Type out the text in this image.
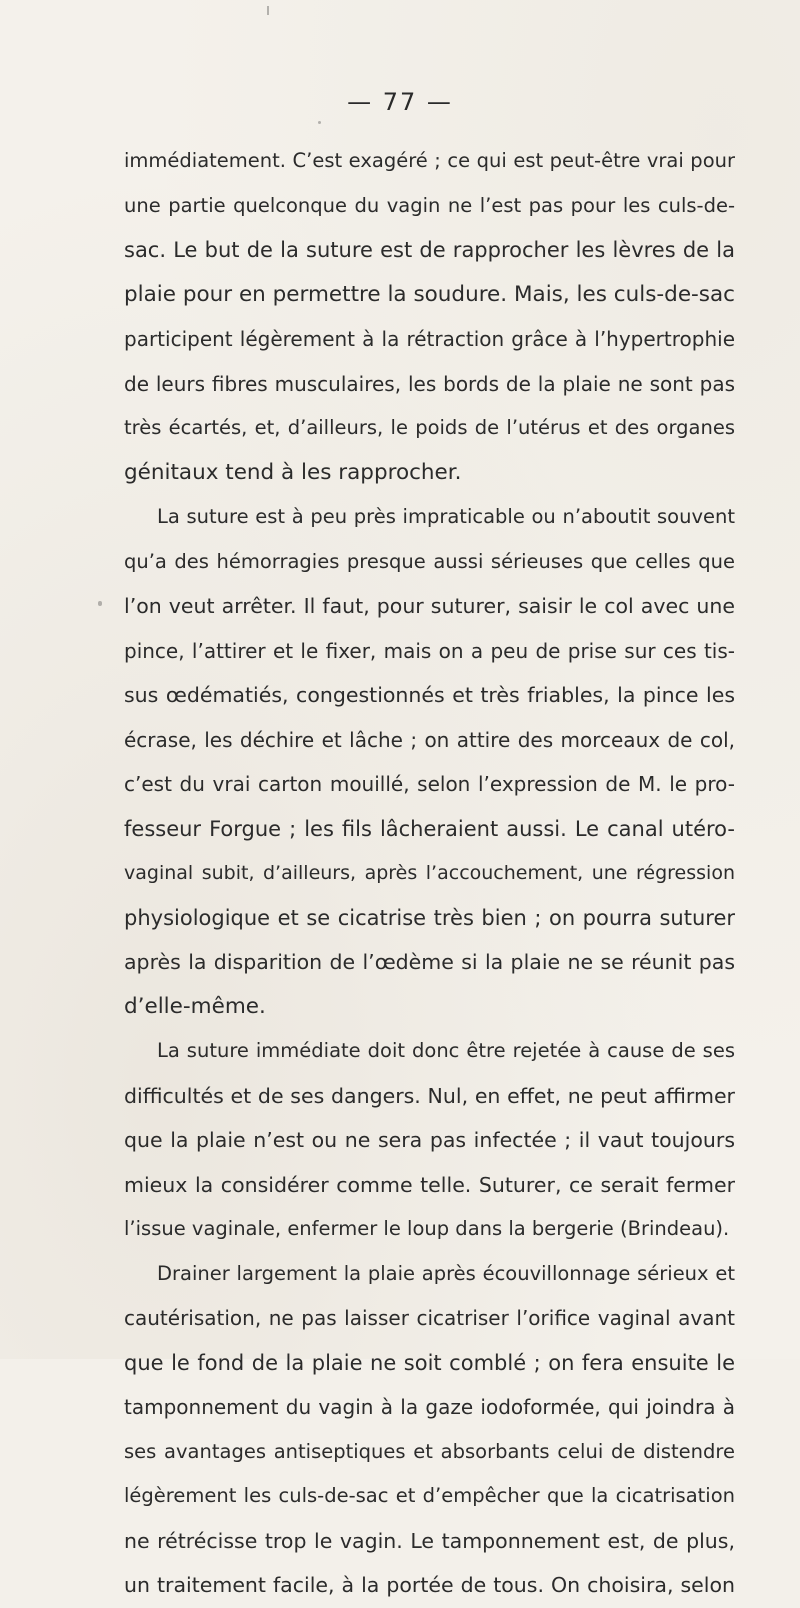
— 77 —
immédiatement. C’est exagéré ; ce qui est peut-être vrai pour
une partie quelconque du vagin ne l’est pas pour les culs-de-
sac. Le but de la suture est de rapprocher les lèvres de la
plaie pour en permettre la soudure. Mais, les culs-de-sac
participent légèrement à la rétraction grâce à l’hypertrophie
de leurs fibres musculaires, les bords de la plaie ne sont pas
très écartés, et, d’ailleurs, le poids de l’utérus et des organes
génitaux tend à les rapprocher.
La suture est à peu près impraticable ou n’aboutit souvent
qu’a des hémorragies presque aussi sérieuses que celles que
l’on veut arrêter. Il faut, pour suturer, saisir le col avec une
pince, l’attirer et le fixer, mais on a peu de prise sur ces tis-
sus œdématiés, congestionnés et très friables, la pince les
écrase, les déchire et lâche ; on attire des morceaux de col,
c’est du vrai carton mouillé, selon l’expression de M. le pro-
fesseur Forgue ; les fils lâcheraient aussi. Le canal utéro-
vaginal subit, d’ailleurs, après l’accouchement, une régression
physiologique et se cicatrise très bien ; on pourra suturer
après la disparition de l’œdème si la plaie ne se réunit pas
d’elle-même.
La suture immédiate doit donc être rejetée à cause de ses
difficultés et de ses dangers. Nul, en effet, ne peut affirmer
que la plaie n’est ou ne sera pas infectée ; il vaut toujours
mieux la considérer comme telle. Suturer, ce serait fermer
l’issue vaginale, enfermer le loup dans la bergerie (Brindeau).
Drainer largement la plaie après écouvillonnage sérieux et
cautérisation, ne pas laisser cicatriser l’orifice vaginal avant
que le fond de la plaie ne soit comblé ; on fera ensuite le
tamponnement du vagin à la gaze iodoformée, qui joindra à
ses avantages antiseptiques et absorbants celui de distendre
légèrement les culs-de-sac et d’empêcher que la cicatrisation
ne rétrécisse trop le vagin. Le tamponnement est, de plus,
un traitement facile, à la portée de tous. On choisira, selon
